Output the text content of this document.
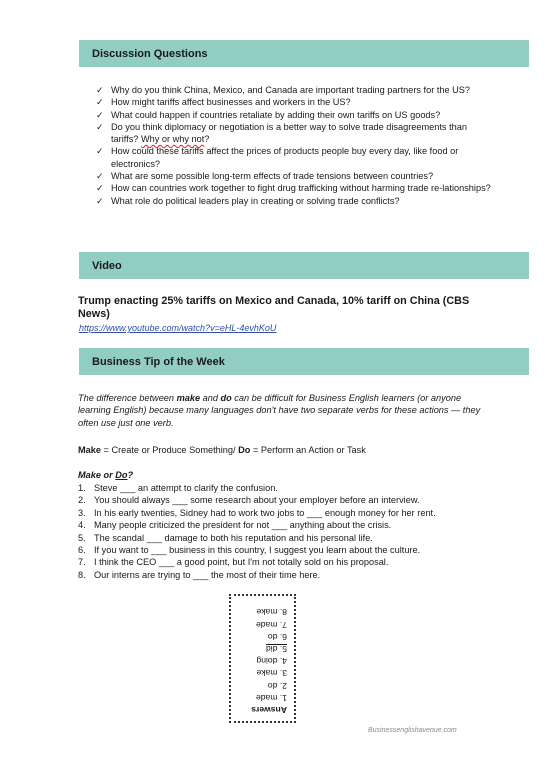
Discussion Questions
✓ Why do you think China, Mexico, and Canada are important trading partners for the US?
✓ How might tariffs affect businesses and workers in the US?
✓ What could happen if countries retaliate by adding their own tariffs on US goods?
✓ Do you think diplomacy or negotiation is a better way to solve trade disagreements than tariffs? Why or why not?
✓ How could these tariffs affect the prices of products people buy every day, like food or electronics?
✓ What are some possible long-term effects of trade tensions between countries?
✓ How can countries work together to fight drug trafficking without harming trade re-lationships?
✓ What role do political leaders play in creating or solving trade conflicts?
Video
Trump enacting 25% tariffs on Mexico and Canada, 10% tariff on China (CBS News)
https://www.youtube.com/watch?v=eHL-4evhKoU
Business Tip of the Week
The difference between make and do can be difficult for Business English learners (or anyone learning English) because many languages don't have two separate verbs for these actions — they often use just one verb.
Make = Create or Produce Something/ Do = Perform an Action or Task
Make or Do?
1. Steve ___ an attempt to clarify the confusion.
2. You should always ___ some research about your employer before an interview.
3. In his early twenties, Sidney had to work two jobs to ___ enough money for her rent.
4. Many people criticized the president for not ___ anything about the crisis.
5. The scandal ___ damage to both his reputation and his personal life.
6. If you want to ___ business in this country, I suggest you learn about the culture.
7. I think the CEO ___ a good point, but I'm not totally sold on his proposal.
8. Our interns are trying to ___ the most of their time here.
Answers
1. made
2. do
3. make
4. doing
5. did
6. do
7. made
8. make
Businessenglishavenue.com
